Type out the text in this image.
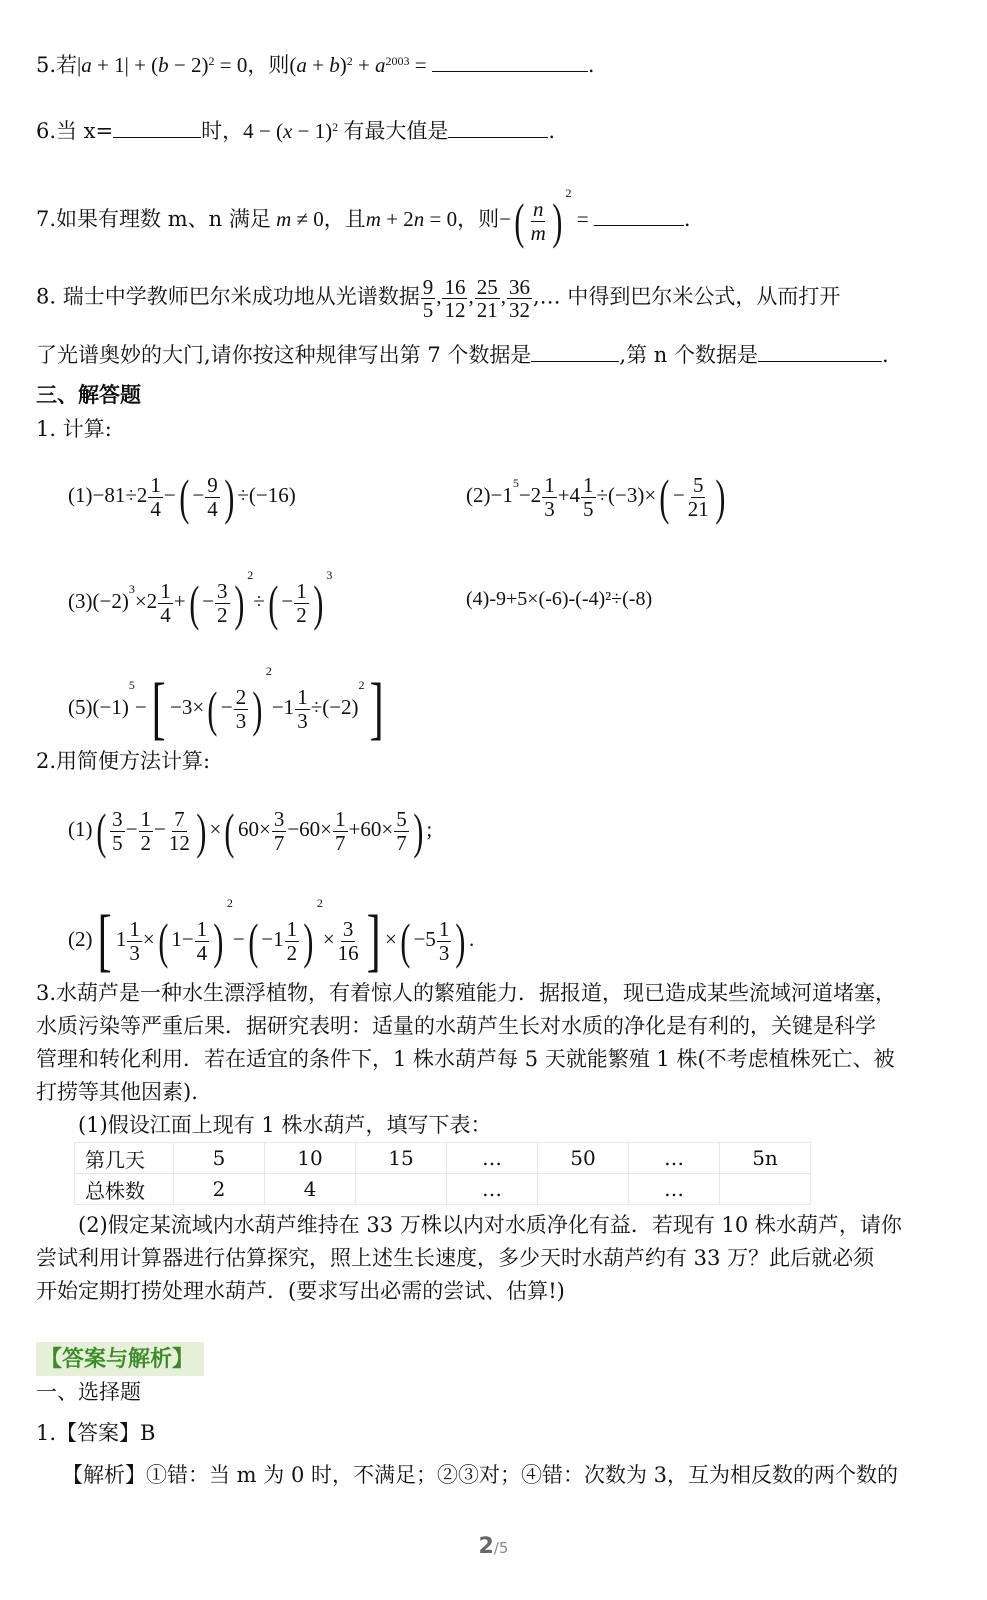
5.若$|a + 1| + (b - 2)^2 = 0$，则$(a + b)^2 + a^{2003}$ =	.
6.当 x=	时，$4 - (x - 1)^2$ 有最大值是	.
7.如果有理数 m、n 满足 m ≠ 0，且m + 2n = 0，则−( $\frac{n}{m}$ ) $^2$ =	.
8. 瑞士中学教师巴尔米成功地从光谱数据 $\frac{9}{5}$ , $\frac{16}{12}$ , $\frac{25}{21}$ , $\frac{36}{32}$ ,… 中得到巴尔米公式，从而打开
了光谱奥妙的大门,请你按这种规律写出第 7 个数据是	,第 n 个数据是	.
三、解答题
1. 计算:
$(1)-81\div 2 \frac{1}{4}$ −( − $\frac{9}{4}$ ) ÷(−16)	$(2)-1^5-2 \frac{1}{3} +4 \frac{1}{5} \div(-3)\times( - \frac{5}{21}$ )
$(3)(-2)^3\times 2 \frac{1}{4}$ +( − $\frac{3}{2}$ ) $^2\div( - \frac{1}{2}$ ) $^3$
(4)-9+5×(-6)-(-4)²÷(-8)
$(5)(-1)^5-[ -3\times( - \frac{2}{3} )^2-1 \frac{1}{3} \div(-2)^2]$
2.用简便方法计算:
$(1)( \frac{3}{5} - \frac{1}{2} - \frac{7}{12}$ ) ×( $60\times \frac{3}{7} -60\times \frac{1}{7} +60\times \frac{5}{7}$ ) ;
(2)[ $1 \frac{1}{3}$ ×( $1- \frac{1}{4} )^2-( -1 \frac{1}{2} )^2\times \frac{3}{16}$ ] ×( $-5 \frac{1}{3}$ ) .
3.水葫芦是一种水生漂浮植物，有着惊人的繁殖能力．据报道，现已造成某些流域河道堵塞，
水质污染等严重后果．据研究表明：适量的水葫芦生长对水质的净化是有利的，关键是科学
管理和转化利用．若在适宜的条件下，1 株水葫芦每 5 天就能繁殖 1 株(不考虑植株死亡、被
打捞等其他因素).
(1)假设江面上现有 1 株水葫芦，填写下表：
第几天	5	10	15	…	50	…	5n
总株数	2	4		…		…	
(2)假定某流域内水葫芦维持在 33 万株以内对水质净化有益．若现有 10 株水葫芦，请你
尝试利用计算器进行估算探究，照上述生长速度，多少天时水葫芦约有 33 万？此后就必须
开始定期打捞处理水葫芦．(要求写出必需的尝试、估算!)
【答案与解析】
一、选择题
1.【答案】B
【解析】①错：当 m 为 0 时，不满足；②③对；④错：次数为 3，互为相反数的两个数的
2/5
